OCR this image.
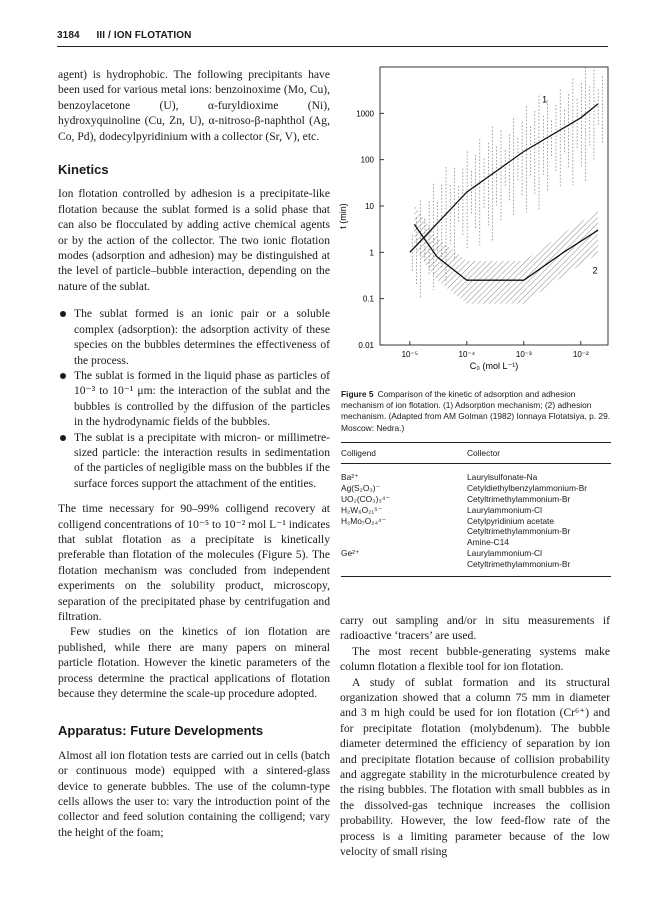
3184 III / ION FLOTATION

agent) is hydrophobic. The following precipitants have been used for various metal ions: benzoinoxime (Mo, Cu), benzoylacetone (U), α-furyldioxime (Ni), hydroxyquinoline (Cu, Zn, U), α-nitroso-β-naphthol (Ag, Co, Pd), dodecylpyridinium with a collector (Sr, V), etc.

Kinetics

Ion flotation controlled by adhesion is a precipitate-like flotation because the sublat formed is a solid phase that can also be flocculated by adding active chemical agents or by the action of the collector. The two ionic flotation modes (adsorption and adhesion) may be distinguished at the level of particle–bubble interaction, depending on the nature of the sublat.

The sublat formed is an ionic pair or a soluble complex (adsorption): the adsorption activity of these species on the bubbles determines the effectiveness of the process.

The sublat is formed in the liquid phase as particles of 10⁻³ to 10⁻¹ μm: the interaction of the sublat and the bubbles is controlled by the diffusion of the particles in the hydrodynamic fields of the bubbles.

The sublat is a precipitate with micron- or millimetre-sized particle: the interaction results in sedimentation of the particles of negligible mass on the bubbles if the surface forces support the attachment of the entities.

The time necessary for 90–99% colligend recovery at colligend concentrations of 10⁻⁵ to 10⁻² mol L⁻¹ indicates that sublat flotation as a precipitate is kinetically preferable than flotation of the molecules (Figure 5). The flotation mechanism was concluded from independent experiments on the solubility product, microscopy, separation of the precipitated phase by centrifugation and filtration.

Few studies on the kinetics of ion flotation are published, while there are many papers on mineral particle flotation. However the kinetic parameters of the process determine the practical applications of flotation because they determine the scale-up procedure adopted.

Apparatus: Future Developments

Almost all ion flotation tests are carried out in cells (batch or continuous mode) equipped with a sintered-glass device to generate bubbles. The use of the column-type cells allows the user to: vary the introduction point of the collector and feed solution containing the colligend; vary the height of the foam;

10⁻⁵	10⁻⁴	10⁻³	10⁻²
0.01
0.1
1
10
100
1000
1
2
t (min)
C₀ (mol L⁻¹)
Figure 5 Comparison of the kinetic of adsorption and adhesion mechanism of ion flotation. (1) Adsorption mechanism; (2) adhesion mechanism. (Adapted from AM Golman (1982) Ionnaya Flotatsiya, p. 29. Moscow: Nedra.)
Colligend	Collector
Ba²⁺	Laurylsulfonate-Na
Ag(S₂O₃)⁻	Cetyldiethylbenzylammonium-Br
UO₂(CO₃)₃⁴⁻	Cetyltrimethylammonium-Br
H₂W₆O₂₁⁵⁻	Laurylammonium-Cl
H₂Mo₇O₂₄⁴⁻	Cetylpyridinium acetate
	Cetyltrimethylammonium-Br
	Amine-C14
Ge²⁺	Laurylammonium-Cl
	Cetyltrimethylammonium-Br

carry out sampling and/or in situ measurements if radioactive ‘tracers’ are used.

The most recent bubble-generating systems make column flotation a flexible tool for ion flotation.

A study of sublat formation and its structural organization showed that a column 75 mm in diameter and 3 m high could be used for ion flotation (Cr⁶⁺) and for precipitate flotation (molybdenum). The bubble diameter determined the efficiency of separation by ion and precipitate flotation because of collision probability and aggregate stability in the microturbulence created by the rising bubbles. The flotation with small bubbles as in the dissolved-gas technique increases the collision probability. However, the low feed-flow rate of the process is a limiting parameter because of the low velocity of small rising
